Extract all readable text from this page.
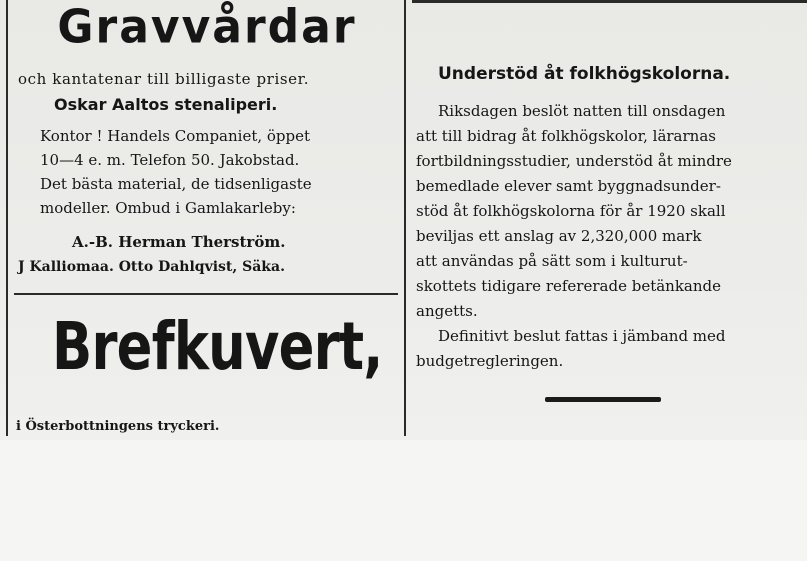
Gravvårdar
och kantatenar till billigaste priser.
Oskar Aaltos stenaliperi.
Kontor ! Handels Companiet, öppet
10—4 e. m. Telefon 50. Jakobstad.
Det bästa material, de tidsenligaste
modeller. Ombud i Gamlakarleby:
A.-B. Herman Therström.
J Kalliomaa. Otto Dahlqvist, Säka.
Brefkuvert,
i Österbottningens tryckeri.
Understöd åt folkhögskolorna.
Riksdagen beslöt natten till onsdagen
att till bidrag åt folkhögskolor, lärarnas
fortbildningsstudier, understöd åt mindre
bemedlade elever samt byggnadsunder-
stöd åt folkhögskolorna för år 1920 skall
beviljas ett anslag av 2,320,000 mark
att användas på sätt som i kulturut-
skottets tidigare refererade betänkande
angetts.
Definitivt beslut fattas i jämband med
budgetregleringen.
